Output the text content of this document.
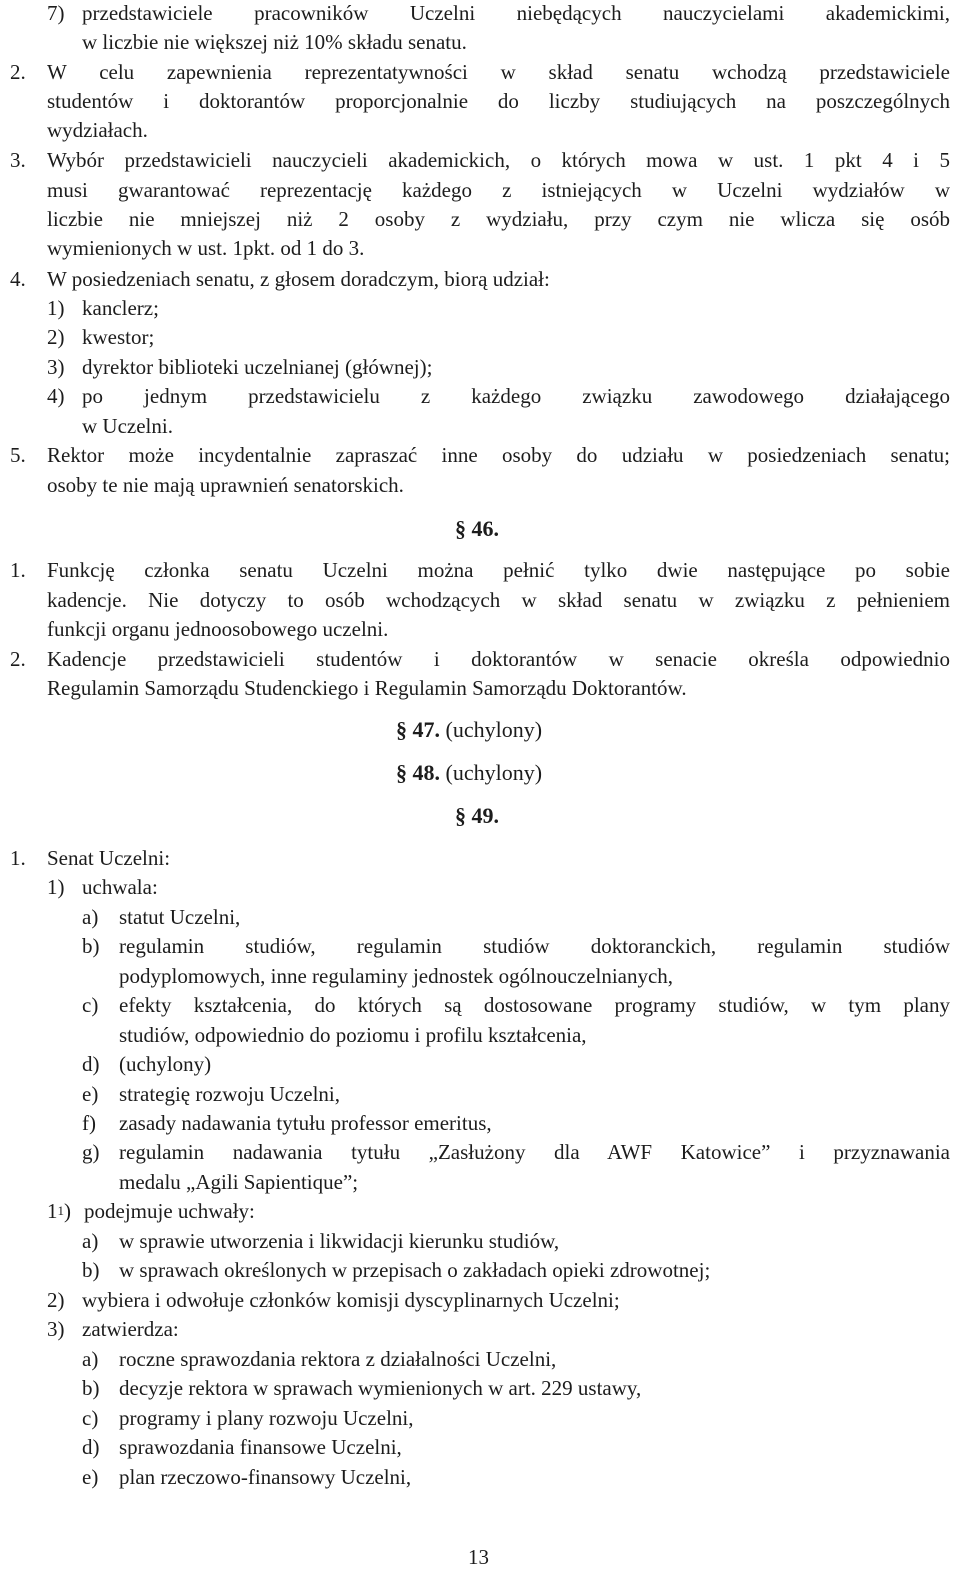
7) przedstawiciele pracowników Uczelni niebędących nauczycielami akademickimi,
w liczbie nie większej niż 10% składu senatu.
2. W celu zapewnienia reprezentatywności w skład senatu wchodzą przedstawiciele
studentów i doktorantów proporcjonalnie do liczby studiujących na poszczególnych
wydziałach.
3. Wybór przedstawicieli nauczycieli akademickich, o których mowa w ust. 1 pkt 4 i 5
musi gwarantować reprezentację każdego z istniejących w Uczelni wydziałów w
liczbie nie mniejszej niż 2 osoby z wydziału, przy czym nie wlicza się osób
wymienionych w ust. 1pkt. od 1 do 3.
4. W posiedzeniach senatu, z głosem doradczym, biorą udział:
1) kanclerz;
2) kwestor;
3) dyrektor biblioteki uczelnianej (głównej);
4) po jednym przedstawicielu z każdego związku zawodowego działającego
w Uczelni.
5. Rektor może incydentalnie zapraszać inne osoby do udziału w posiedzeniach senatu;
osoby te nie mają uprawnień senatorskich.
§ 46.
1. Funkcję członka senatu Uczelni można pełnić tylko dwie następujące po sobie
kadencje. Nie dotyczy to osób wchodzących w skład senatu w związku z pełnieniem
funkcji organu jednoosobowego uczelni.
2. Kadencje przedstawicieli studentów i doktorantów w senacie określa odpowiednio
Regulamin Samorządu Studenckiego i Regulamin Samorządu Doktorantów.
§ 47. (uchylony)
§ 48. (uchylony)
§ 49.
1. Senat Uczelni:
1) uchwala:
a) statut Uczelni,
b) regulamin studiów, regulamin studiów doktoranckich, regulamin studiów
podyplomowych, inne regulaminy jednostek ogólnouczelnianych,
c) efekty kształcenia, do których są dostosowane programy studiów, w tym plany
studiów, odpowiednio do poziomu i profilu kształcenia,
d) (uchylony)
e) strategię rozwoju Uczelni,
f) zasady nadawania tytułu professor emeritus,
g) regulamin nadawania tytułu „Zasłużony dla AWF Katowice” i przyznawania
medalu „Agili Sapientique”;
$1^1$) podejmuje uchwały:
a) w sprawie utworzenia i likwidacji kierunku studiów,
b) w sprawach określonych w przepisach o zakładach opieki zdrowotnej;
2) wybiera i odwołuje członków komisji dyscyplinarnych Uczelni;
3) zatwierdza:
a) roczne sprawozdania rektora z działalności Uczelni,
b) decyzje rektora w sprawach wymienionych w art. 229 ustawy,
c) programy i plany rozwoju Uczelni,
d) sprawozdania finansowe Uczelni,
e) plan rzeczowo-finansowy Uczelni,
13
